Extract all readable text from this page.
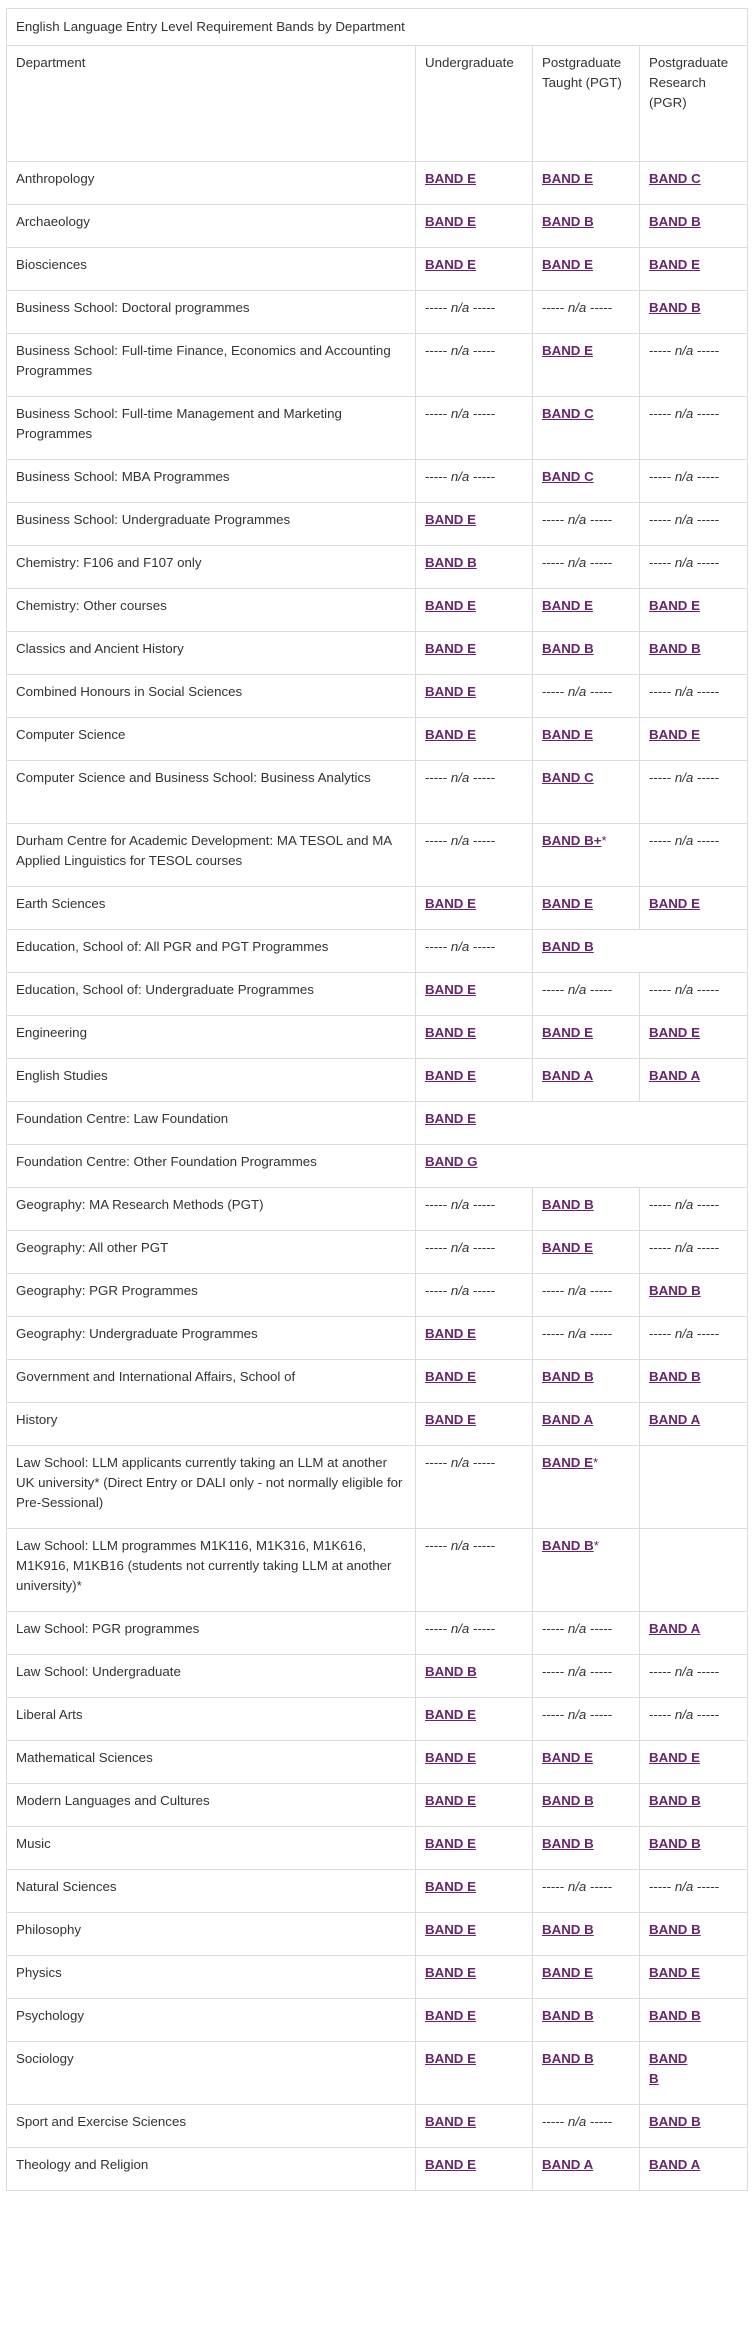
English Language Entry Level Requirement Bands by Department
Department	Undergraduate	Postgraduate Taught (PGT)	Postgraduate Research (PGR)
Anthropology	BAND E	BAND E	BAND C
Archaeology	BAND E	BAND B	BAND B
Biosciences	BAND E	BAND E	BAND E
Business School: Doctoral programmes	----- n/a -----	----- n/a -----	BAND B
Business School: Full-time Finance, Economics and Accounting Programmes	----- n/a -----	BAND E	----- n/a -----
Business School: Full-time Management and Marketing Programmes	----- n/a -----	BAND C	----- n/a -----
Business School: MBA Programmes	----- n/a -----	BAND C	----- n/a -----
Business School: Undergraduate Programmes	BAND E	----- n/a -----	----- n/a -----
Chemistry: F106 and F107 only	BAND B	----- n/a -----	----- n/a -----
Chemistry: Other courses	BAND E	BAND E	BAND E
Classics and Ancient History	BAND E	BAND B	BAND B
Combined Honours in Social Sciences	BAND E	----- n/a -----	----- n/a -----
Computer Science	BAND E	BAND E	BAND E
Computer Science and Business School: Business Analytics	----- n/a -----	BAND C	----- n/a -----
Durham Centre for Academic Development: MA TESOL and MA Applied Linguistics for TESOL courses	----- n/a -----	BAND B+*	----- n/a -----
Earth Sciences	BAND E	BAND E	BAND E
Education, School of: All PGR and PGT Programmes	----- n/a -----	BAND B	
Education, School of: Undergraduate Programmes	BAND E	----- n/a -----	----- n/a -----
Engineering	BAND E	BAND E	BAND E
English Studies	BAND E	BAND A	BAND A
Foundation Centre: Law Foundation	BAND E		
Foundation Centre: Other Foundation Programmes	BAND G		
Geography: MA Research Methods (PGT)	----- n/a -----	BAND B	----- n/a -----
Geography: All other PGT	----- n/a -----	BAND E	----- n/a -----
Geography: PGR Programmes	----- n/a -----	----- n/a -----	BAND B
Geography: Undergraduate Programmes	BAND E	----- n/a -----	----- n/a -----
Government and International Affairs, School of	BAND E	BAND B	BAND B
History	BAND E	BAND A	BAND A
Law School: LLM applicants currently taking an LLM at another UK university* (Direct Entry or DALI only - not normally eligible for Pre-Sessional)	----- n/a -----	BAND E*	
Law School: LLM programmes M1K116, M1K316, M1K616, M1K916, M1KB16 (students not currently taking LLM at another university)*	----- n/a -----	BAND B*	
Law School: PGR programmes	----- n/a -----	----- n/a -----	BAND A
Law School: Undergraduate	BAND B	----- n/a -----	----- n/a -----
Liberal Arts	BAND E	----- n/a -----	----- n/a -----
Mathematical Sciences	BAND E	BAND E	BAND E
Modern Languages and Cultures	BAND E	BAND B	BAND B
Music	BAND E	BAND B	BAND B
Natural Sciences	BAND E	----- n/a -----	----- n/a -----
Philosophy	BAND E	BAND B	BAND B
Physics	BAND E	BAND E	BAND E
Psychology	BAND E	BAND B	BAND B
Sociology	BAND E	BAND B	BAND B
Sport and Exercise Sciences	BAND E	----- n/a -----	BAND B
Theology and Religion	BAND E	BAND A	BAND A
